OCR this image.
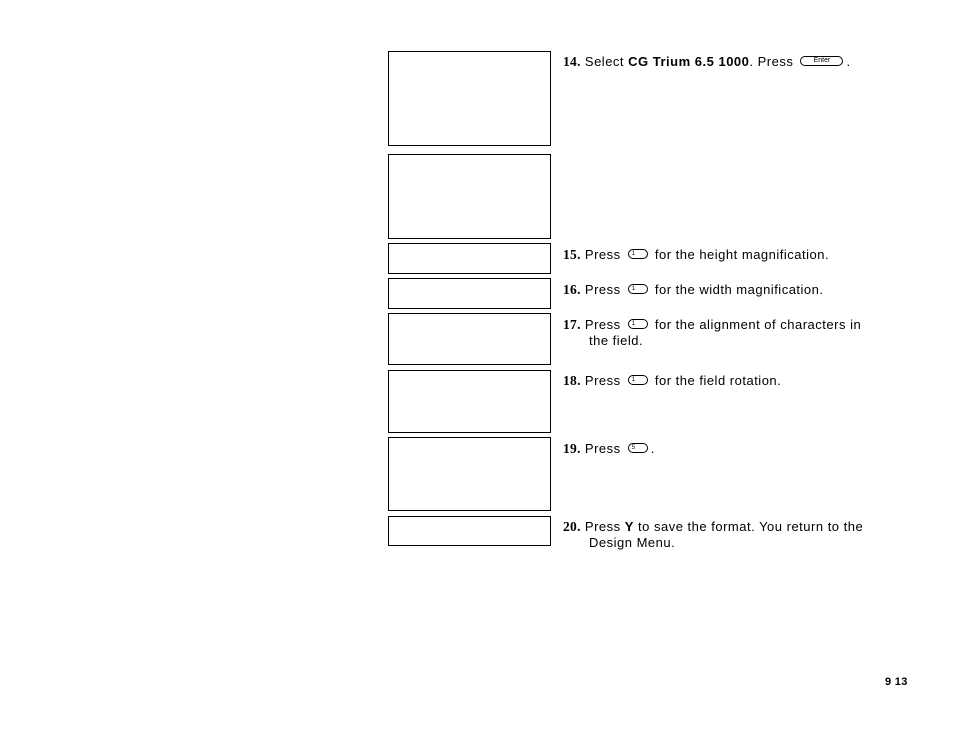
14. Select CG Trium 6.5 1000. Press Enter .
15. Press 1 for the height magnification.
16. Press 1 for the width magnification.
17. Press 1 for the alignment of characters in
the field.
18. Press 1 for the field rotation.
19. Press 5 .
20. Press Y to save the format. You return to the
Design Menu.
9 13
